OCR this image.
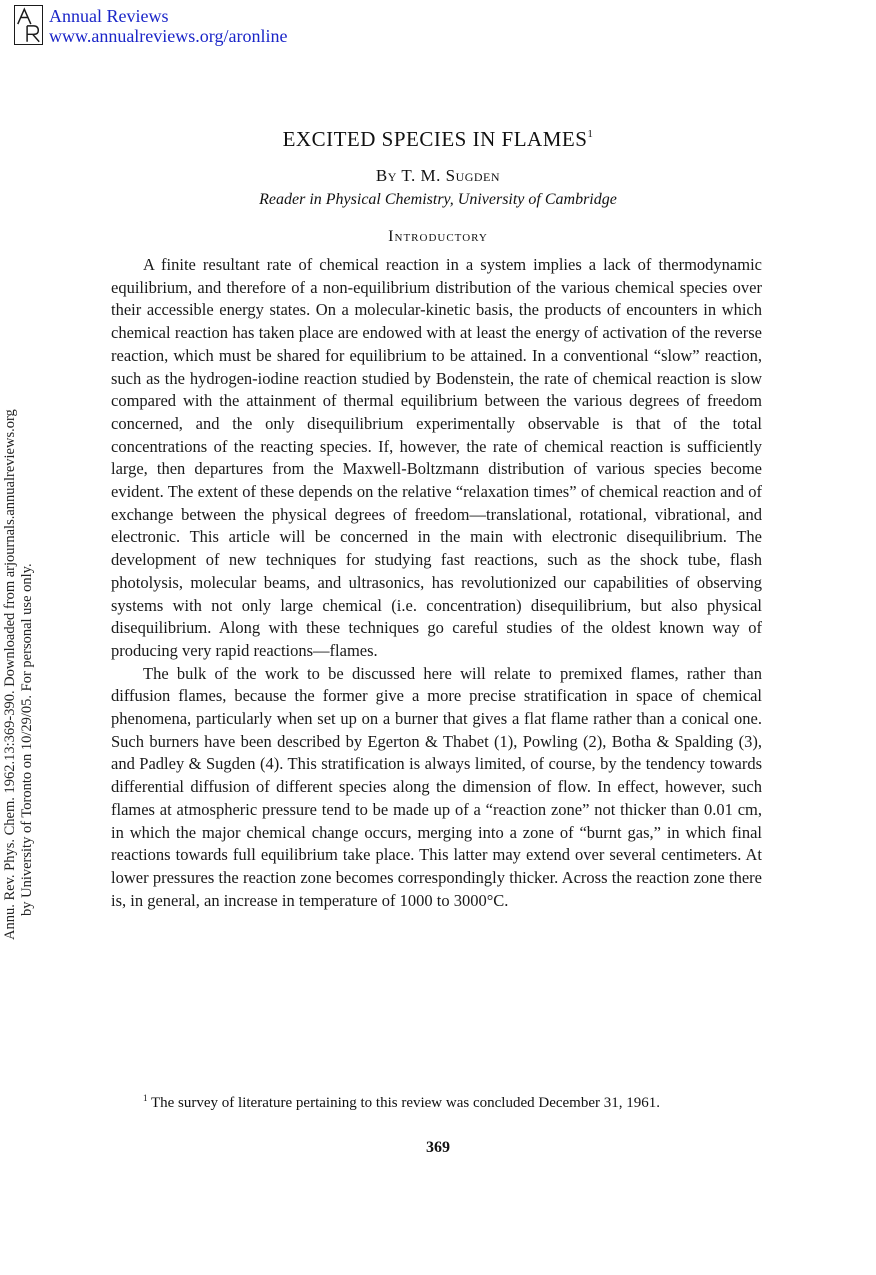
Annual Reviews
www.annualreviews.org/aronline
Annu. Rev. Phys. Chem. 1962.13:369-390. Downloaded from arjournals.annualreviews.org by University of Toronto on 10/29/05. For personal use only.
EXCITED SPECIES IN FLAMES$^1$
By T. M. Sugden
Reader in Physical Chemistry, University of Cambridge
Introductory

A finite resultant rate of chemical reaction in a system implies a lack of thermodynamic equilibrium, and therefore of a non-equilibrium distribution of the various chemical species over their accessible energy states. On a molecular-kinetic basis, the products of encounters in which chemical reaction has taken place are endowed with at least the energy of activation of the reverse reaction, which must be shared for equilibrium to be attained. In a conventional “slow” reaction, such as the hydrogen-iodine reaction studied by Bodenstein, the rate of chemical reaction is slow compared with the attainment of thermal equilibrium between the various degrees of freedom concerned, and the only disequilibrium experimentally observable is that of the total concentrations of the reacting species. If, however, the rate of chemical reaction is sufficiently large, then departures from the Maxwell-Boltzmann distribution of various species become evident. The extent of these depends on the relative “relaxation times” of chemical reaction and of exchange between the physical degrees of freedom—translational, rotational, vibrational, and electronic. This article will be concerned in the main with electronic disequilibrium. The development of new techniques for studying fast reactions, such as the shock tube, flash photolysis, molecular beams, and ultrasonics, has revolutionized our capabilities of observing systems with not only large chemical (i.e. concentration) disequilibrium, but also physical disequilibrium. Along with these techniques go careful studies of the oldest known way of producing very rapid reactions—flames.

The bulk of the work to be discussed here will relate to premixed flames, rather than diffusion flames, because the former give a more precise stratification in space of chemical phenomena, particularly when set up on a burner that gives a flat flame rather than a conical one. Such burners have been described by Egerton & Thabet (1), Powling (2), Botha & Spalding (3), and Padley & Sugden (4). This stratification is always limited, of course, by the tendency towards differential diffusion of different species along the dimension of flow. In effect, however, such flames at atmospheric pressure tend to be made up of a “reaction zone” not thicker than 0.01 cm, in which the major chemical change occurs, merging into a zone of “burnt gas,” in which final reactions towards full equilibrium take place. This latter may extend over several centimeters. At lower pressures the reaction zone becomes correspondingly thicker. Across the reaction zone there is, in general, an increase in temperature of 1000 to 3000°C.

$^1$ The survey of literature pertaining to this review was concluded December 31, 1961.
369
